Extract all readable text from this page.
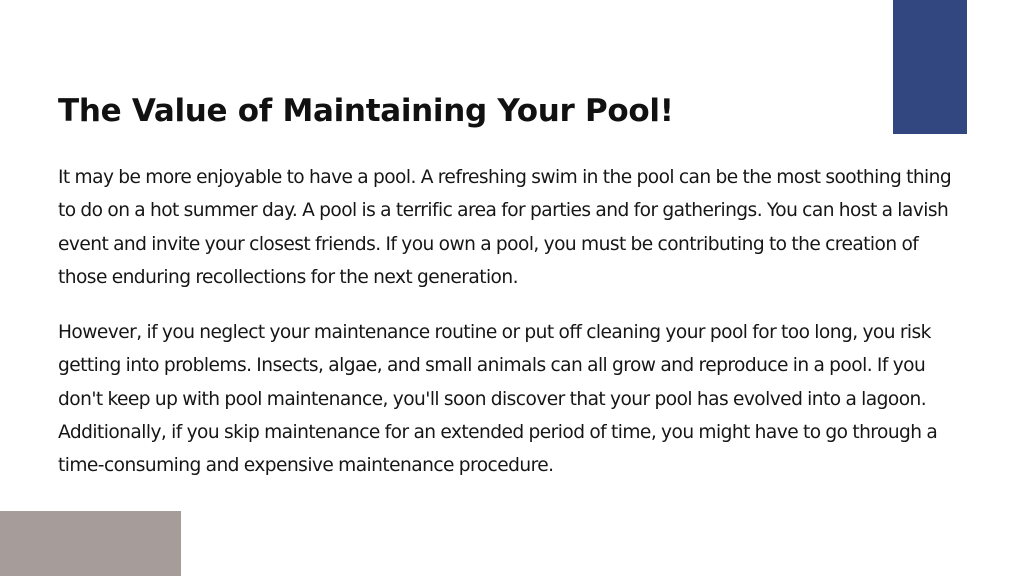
The Value of Maintaining Your Pool!

It may be more enjoyable to have a pool. A refreshing swim in the pool can be the most soothing thing to do on a hot summer day. A pool is a terrific area for parties and for gatherings. You can host a lavish event and invite your closest friends. If you own a pool, you must be contributing to the creation of those enduring recollections for the next generation.

However, if you neglect your maintenance routine or put off cleaning your pool for too long, you risk getting into problems. Insects, algae, and small animals can all grow and reproduce in a pool. If you don't keep up with pool maintenance, you'll soon discover that your pool has evolved into a lagoon. Additionally, if you skip maintenance for an extended period of time, you might have to go through a time-consuming and expensive maintenance procedure.
